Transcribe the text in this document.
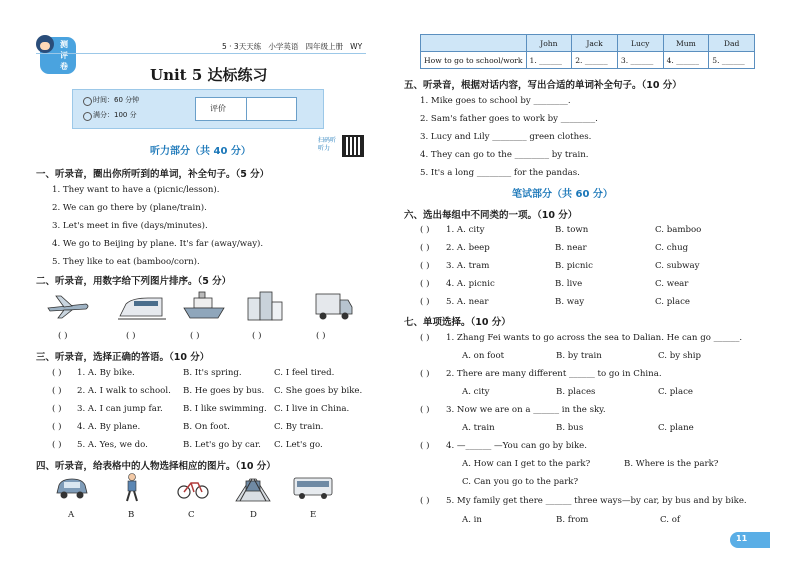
测评卷
5 · 3天天练 小学英语 四年级上册 WY
Unit 5 达标练习
时间：60 分钟
满分：100 分
评价
扫码听听力
听力部分（共 40 分）
一、听录音，圈出你所听到的单词，补全句子。（5 分）
1. They want to have a (picnic/lesson).
2. We can go there by (plane/train).
3. Let's meet in five (days/minutes).
4. We go to Beijing by plane. It's far (away/way).
5. They like to eat (bamboo/corn).
二、听录音，用数字给下列图片排序。（5 分）
( )	( )	( )	( )	( )
三、听录音，选择正确的答语。（10 分）
( ) 1. A. By bike.	B. It's spring.	C. I feel tired.
( ) 2. A. I walk to school. B. He goes by bus. C. She goes by bike.
( ) 3. A. I can jump far. B. I like swimming. C. I live in China.
( ) 4. A. By plane.	B. On foot.	C. By train.
( ) 5. A. Yes, we do.	B. Let's go by car. C. Let's go.
四、听录音，给表格中的人物选择相应的图片。（10 分）
A	B	C	D	E
	John	Jack	Lucy	Mum	Dad
How to go to school/work	1. ______	2. ______	3. ______	4. ______	5. ______
五、听录音，根据对话内容，写出合适的单词补全句子。（10 分）
1. Mike goes to school by ________.
2. Sam's father goes to work by ________.
3. Lucy and Lily ________ green clothes.
4. They can go to the ________ by train.
5. It's a long ________ for the pandas.
笔试部分（共 60 分）
六、选出每组中不同类的一项。（10 分）
( ) 1. A. city	B. town	C. bamboo
( ) 2. A. beep	B. near	C. chug
( ) 3. A. tram	B. picnic	C. subway
( ) 4. A. picnic	B. live	C. wear
( ) 5. A. near	B. way	C. place
七、单项选择。（10 分）
( ) 1. Zhang Fei wants to go across the sea to Dalian. He can go ______.
A. on foot	B. by train	C. by ship
( ) 2. There are many different ______ to go in China.
A. city	B. places	C. place
( ) 3. Now we are on a ______ in the sky.
A. train	B. bus	C. plane
( ) 4. —______ —You can go by bike.
A. How can I get to the park?	B. Where is the park?
C. Can you go to the park?
( ) 5. My family get there ______ three ways—by car, by bus and by bike.
A. in	B. from	C. of
11
